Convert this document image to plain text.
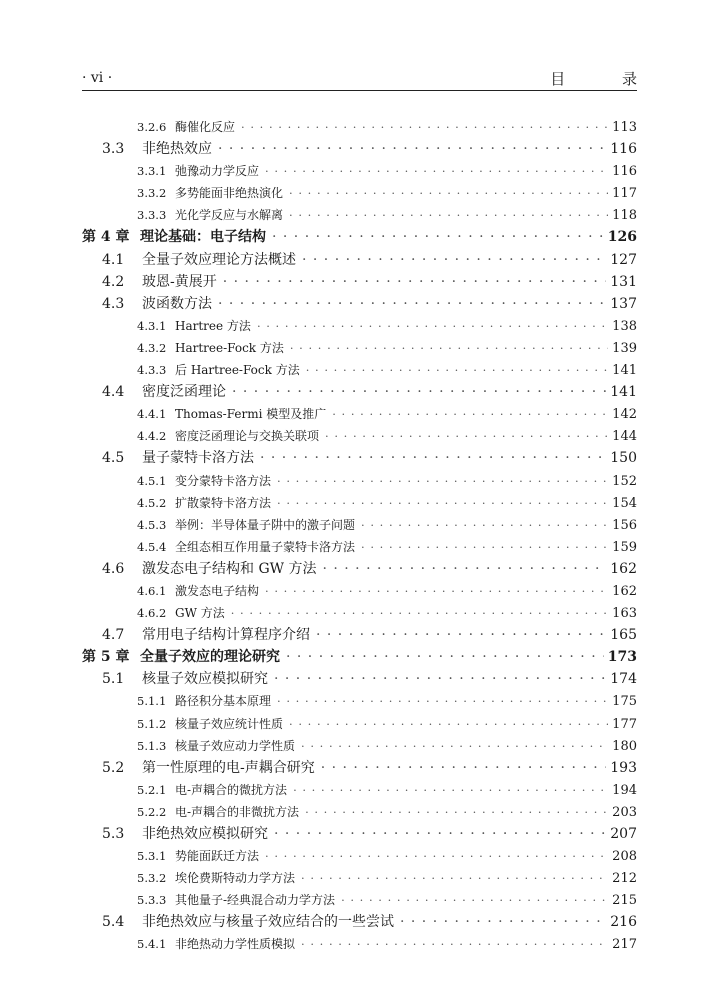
· vi ·	目 录
3.2.6 酶催化反应 · · ·	113
3.3	非绝热效应 · · ·	116
3.3.1 弛豫动力学反应 · · ·	116
3.3.2 多势能面非绝热演化 · · ·	117
3.3.3 光化学反应与水解离 · · ·	118
第 4 章 理论基础：电子结构 · · ·	126
4.1	全量子效应理论方法概述 · · ·	127
4.2	玻恩-黄展开 · · ·	131
4.3	波函数方法 · · ·	137
4.3.1 Hartree 方法 · · ·	138
4.3.2 Hartree-Fock 方法 · · ·	139
4.3.3 后 Hartree-Fock 方法 · · ·	141
4.4	密度泛函理论 · · ·	141
4.4.1 Thomas-Fermi 模型及推广 · · ·	142
4.4.2 密度泛函理论与交换关联项 · · ·	144
4.5	量子蒙特卡洛方法 · · ·	150
4.5.1 变分蒙特卡洛方法 · · ·	152
4.5.2 扩散蒙特卡洛方法 · · ·	154
4.5.3 举例：半导体量子阱中的激子问题 · · ·	156
4.5.4 全组态相互作用量子蒙特卡洛方法 · · ·	159
4.6	激发态电子结构和 GW 方法 · · ·	162
4.6.1 激发态电子结构 · · ·	162
4.6.2 GW 方法 · · ·	163
4.7	常用电子结构计算程序介绍 · · ·	165
第 5 章 全量子效应的理论研究 · · ·	173
5.1	核量子效应模拟研究 · · ·	174
5.1.1 路径积分基本原理 · · ·	175
5.1.2 核量子效应统计性质 · · ·	177
5.1.3 核量子效应动力学性质 · · ·	180
5.2	第一性原理的电-声耦合研究 · · ·	193
5.2.1 电-声耦合的微扰方法 · · ·	194
5.2.2 电-声耦合的非微扰方法 · · ·	203
5.3	非绝热效应模拟研究 · · ·	207
5.3.1 势能面跃迁方法 · · ·	208
5.3.2 埃伦费斯特动力学方法 · · ·	212
5.3.3 其他量子-经典混合动力学方法 · · ·	215
5.4	非绝热效应与核量子效应结合的一些尝试 · · ·	216
5.4.1 非绝热动力学性质模拟 · · ·	217
